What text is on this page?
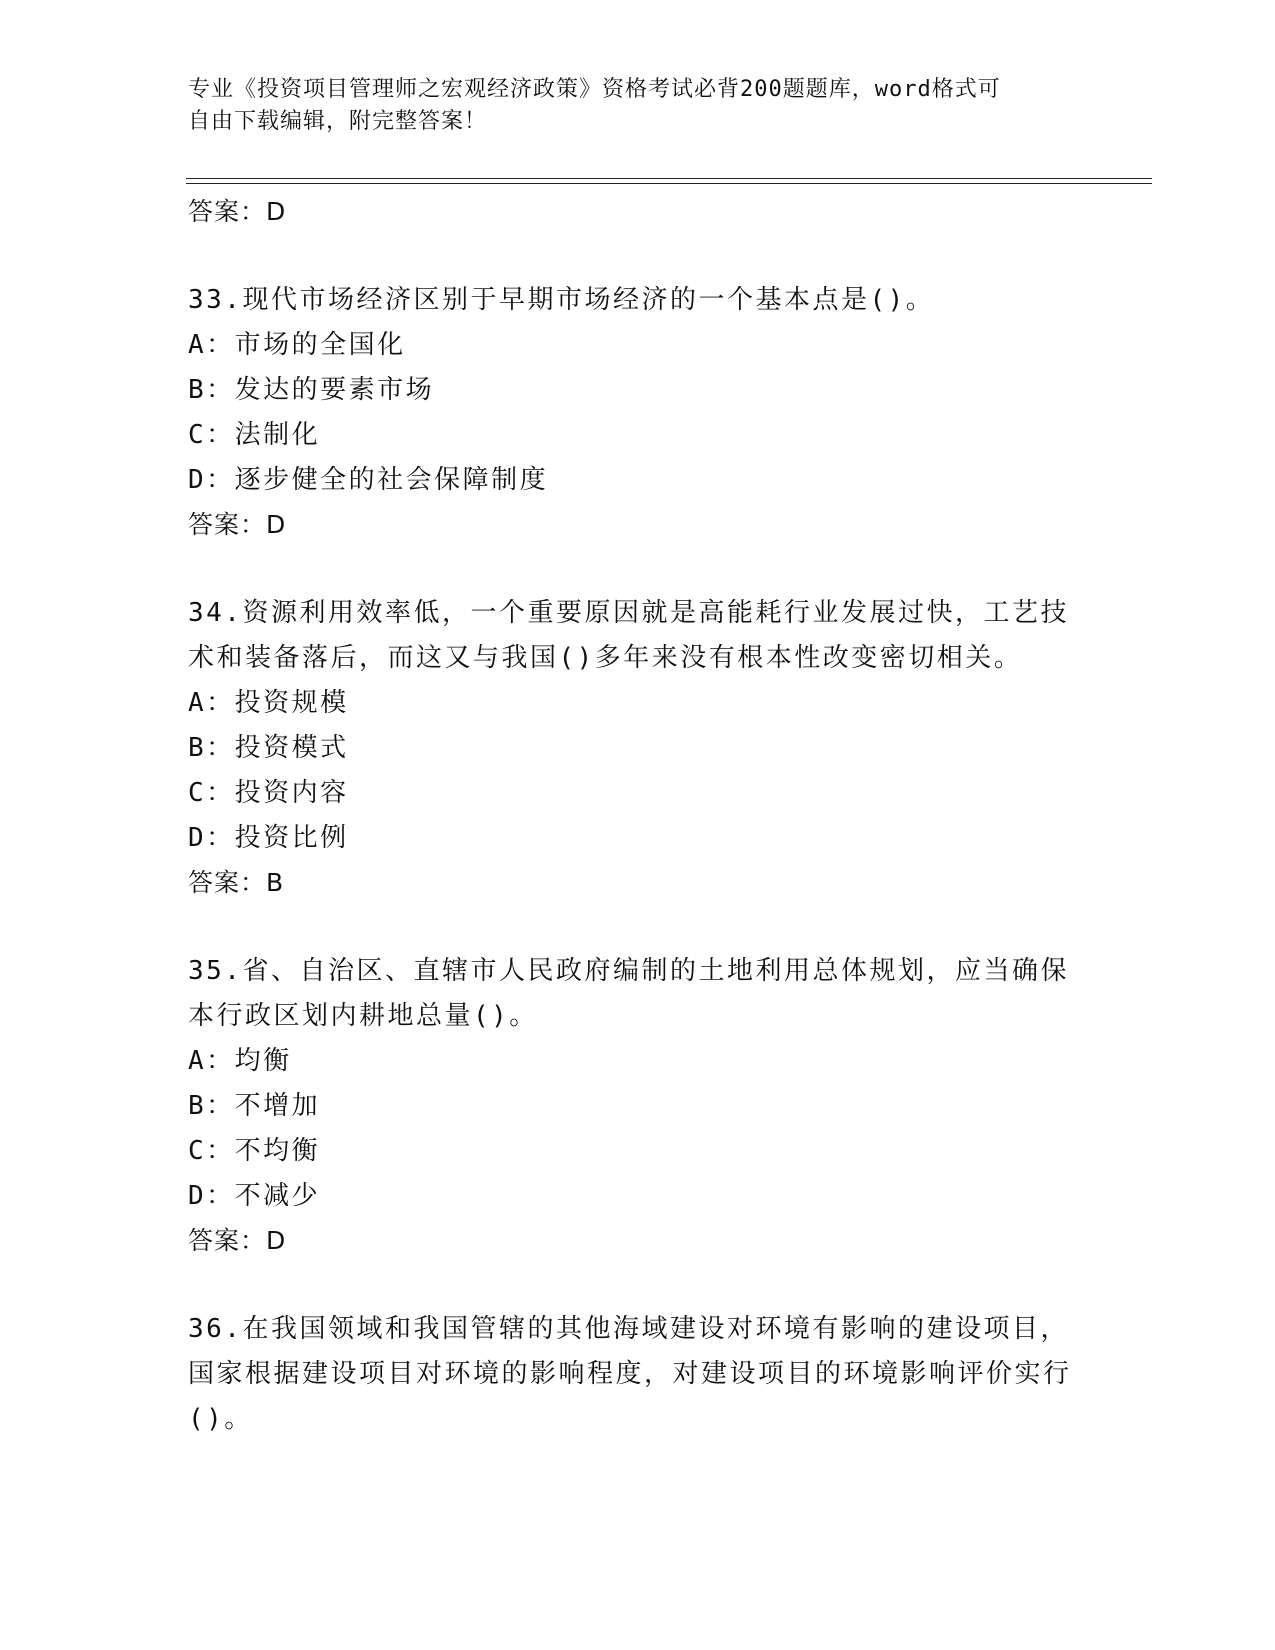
专业《投资项目管理师之宏观经济政策》资格考试必背200题题库，word格式可
自由下载编辑，附完整答案！
答案：D
33.现代市场经济区别于早期市场经济的一个基本点是()。
A：市场的全国化
B：发达的要素市场
C：法制化
D：逐步健全的社会保障制度
答案：D
34.资源利用效率低，一个重要原因就是高能耗行业发展过快，工艺技术和装备落后，而这又与我国()多年来没有根本性改变密切相关。
A：投资规模
B：投资模式
C：投资内容
D：投资比例
答案：B
35.省、自治区、直辖市人民政府编制的土地利用总体规划，应当确保本行政区划内耕地总量()。
A：均衡
B：不增加
C：不均衡
D：不减少
答案：D
36.在我国领域和我国管辖的其他海域建设对环境有影响的建设项目，国家根据建设项目对环境的影响程度，对建设项目的环境影响评价实行()。
